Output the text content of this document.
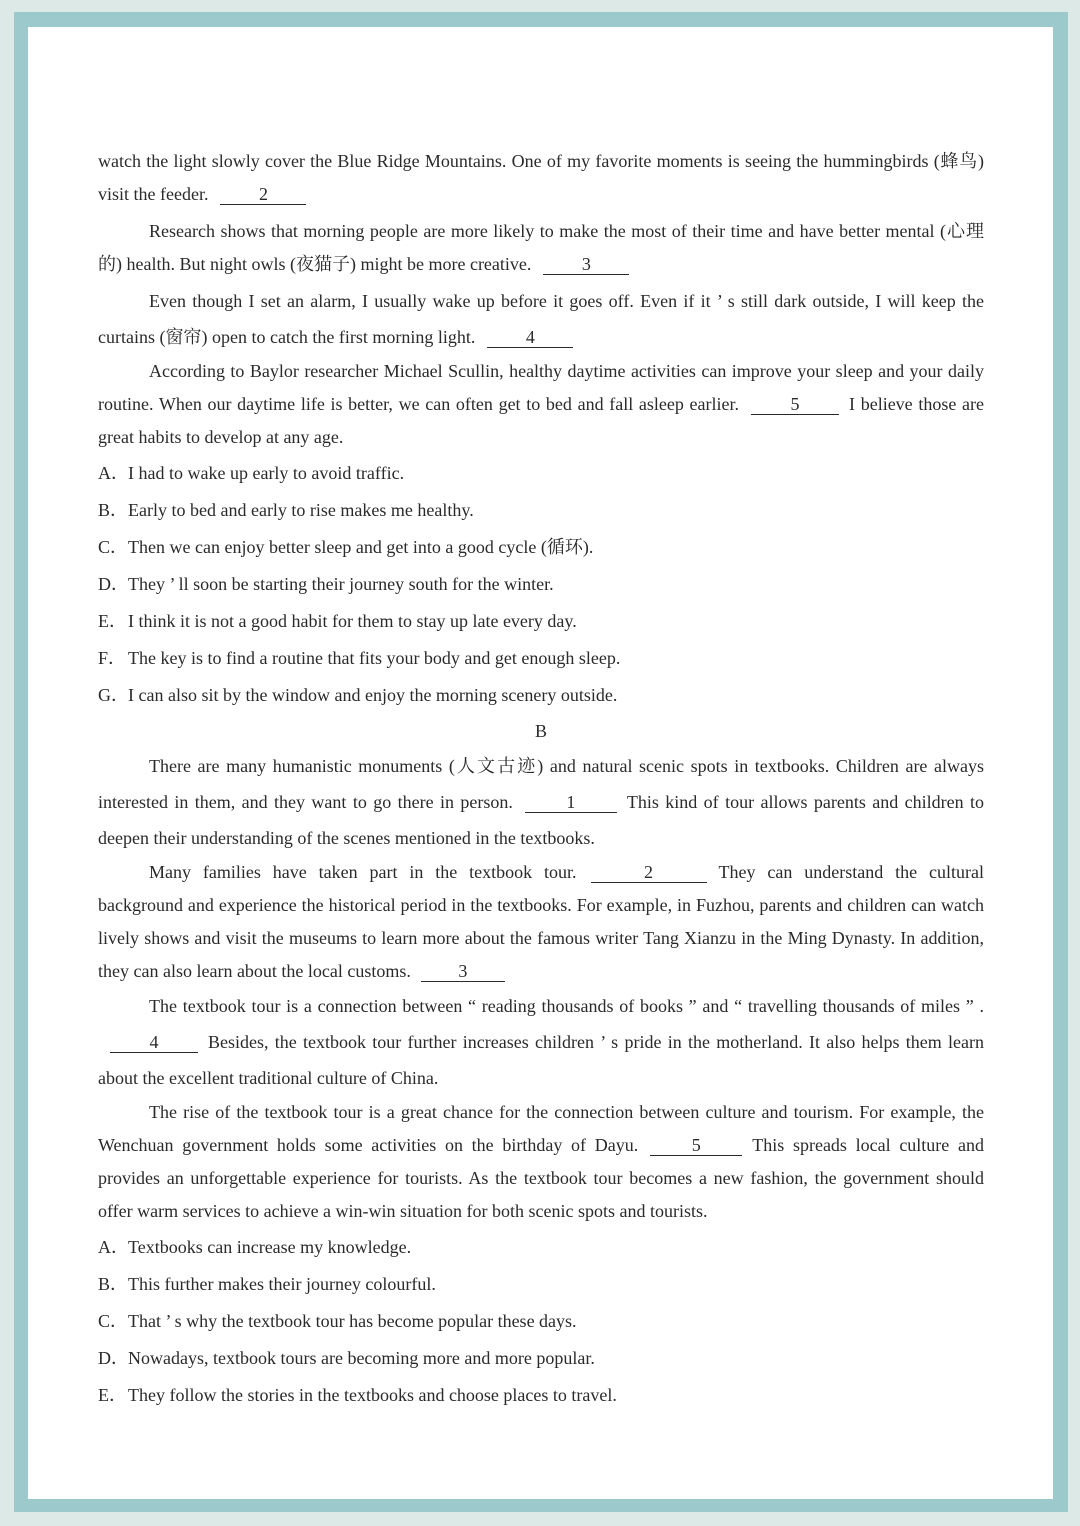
watch the light slowly cover the Blue Ridge Mountains. One of my favorite moments is seeing the hummingbirds (蜂鸟) visit the feeder.	2

Research shows that morning people are more likely to make the most of their time and have better mental (心理的) health. But night owls (夜猫子) might be more creative.	3

Even though I set an alarm, I usually wake up before it goes off. Even if it ’ s still dark outside, I will keep the curtains (窗帘) open to catch the first morning light.	4

According to Baylor researcher Michael Scullin, healthy daytime activities can improve your sleep and your daily routine. When our daytime life is better, we can often get to bed and fall asleep earlier.	5	I believe those are great habits to develop at any age.

A．I had to wake up early to avoid traffic.

B．Early to bed and early to rise makes me healthy.

C．Then we can enjoy better sleep and get into a good cycle (循环).

D．They ’ ll soon be starting their journey south for the winter.

E．I think it is not a good habit for them to stay up late every day.

F． The key is to find a routine that fits your body and get enough sleep.

G．I can also sit by the window and enjoy the morning scenery outside.

B

There are many humanistic monuments (人文古迹) and natural scenic spots in textbooks. Children are always interested in them, and they want to go there in person.	1	This kind of tour allows parents and children to deepen their understanding of the scenes mentioned in the textbooks.

Many families have taken part in the textbook tour.	2	They can understand the cultural background and experience the historical period in the textbooks. For example, in Fuzhou, parents and children can watch lively shows and visit the museums to learn more about the famous writer Tang Xianzu in the Ming Dynasty. In addition, they can also learn about the local customs.	3

The textbook tour is a connection between “ reading thousands of books ” and “ travelling thousands of miles ” .4	Besides, the textbook tour further increases children ’ s pride in the motherland. It also helps them learn about the excellent traditional culture of China.

The rise of the textbook tour is a great chance for the connection between culture and tourism. For example, the Wenchuan government holds some activities on the birthday of Dayu.	5	This spreads local culture and provides an unforgettable experience for tourists. As the textbook tour becomes a new fashion, the government should offer warm services to achieve a win-win situation for both scenic spots and tourists.

A．Textbooks can increase my knowledge.

B．This further makes their journey colourful.

C．That ’ s why the textbook tour has become popular these days.

D．Nowadays, textbook tours are becoming more and more popular.

E．They follow the stories in the textbooks and choose places to travel.
